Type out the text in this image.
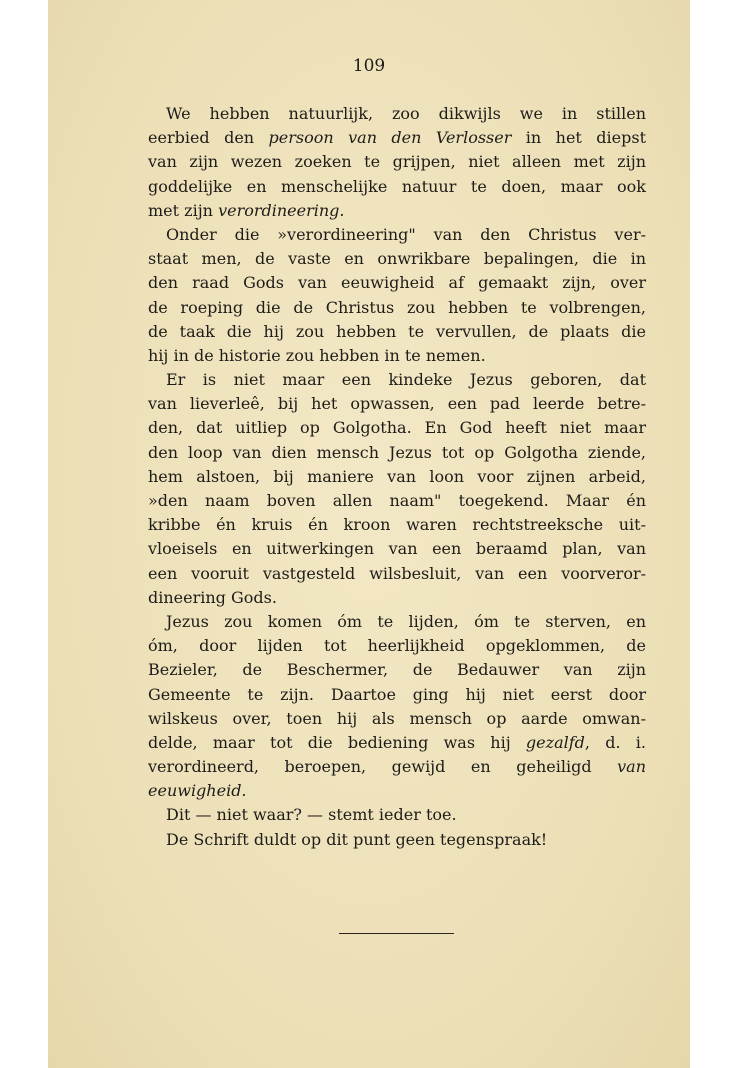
109
We hebben natuurlijk, zoo dikwijls we in stillen
eerbied den persoon van den Verlosser in het diepst
van zijn wezen zoeken te grijpen, niet alleen met zijn
goddelijke en menschelijke natuur te doen, maar ook
met zijn verordineering.
Onder die »verordineering" van den Christus ver-
staat men, de vaste en onwrikbare bepalingen, die in
den raad Gods van eeuwigheid af gemaakt zijn, over
de roeping die de Christus zou hebben te volbrengen,
de taak die hij zou hebben te vervullen, de plaats die
hij in de historie zou hebben in te nemen.
Er is niet maar een kindeke Jezus geboren, dat
van lieverleê, bij het opwassen, een pad leerde betre-
den, dat uitliep op Golgotha. En God heeft niet maar
den loop van dien mensch Jezus tot op Golgotha ziende,
hem alstoen, bij maniere van loon voor zijnen arbeid,
»den naam boven allen naam" toegekend. Maar én
kribbe én kruis én kroon waren rechtstreeksche uit-
vloeisels en uitwerkingen van een beraamd plan, van
een vooruit vastgesteld wilsbesluit, van een voorveror-
dineering Gods.
Jezus zou komen óm te lijden, óm te sterven, en
óm, door lijden tot heerlijkheid opgeklommen, de
Bezieler, de Beschermer, de Bedauwer van zijn
Gemeente te zijn. Daartoe ging hij niet eerst door
wilskeus over, toen hij als mensch op aarde omwan-
delde, maar tot die bediening was hij gezalfd, d. i.
verordineerd, beroepen, gewijd en geheiligd van
eeuwigheid.
Dit — niet waar? — stemt ieder toe.
De Schrift duldt op dit punt geen tegenspraak!
